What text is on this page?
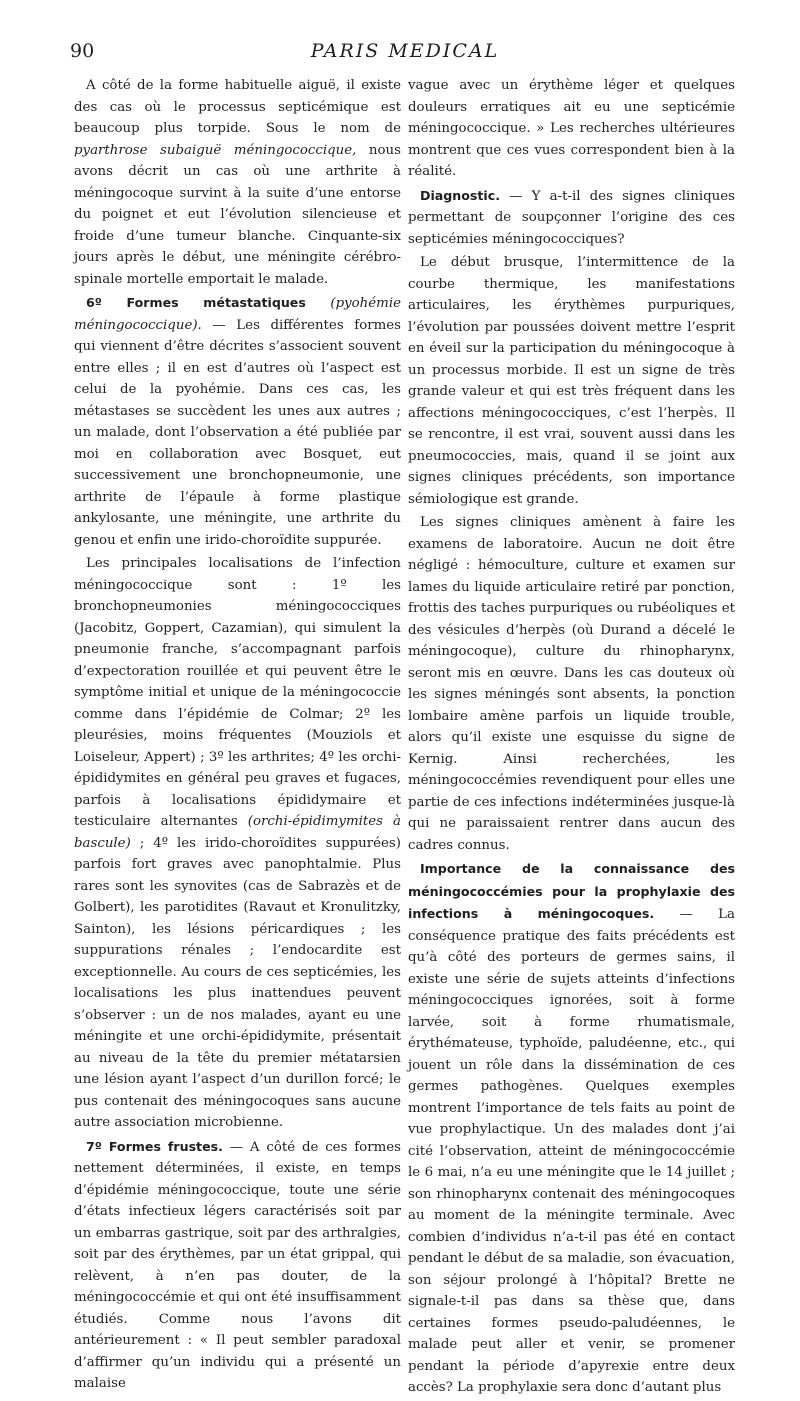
90	PARIS MEDICAL

A côté de la forme habituelle aiguë, il existe des cas où le processus septicémique est beaucoup plus torpide. Sous le nom de pyarthrose subaiguë méningococcique, nous avons décrit un cas où une arthrite à méningocoque survint à la suite d’une entorse du poignet et eut l’évolution silencieuse et froide d’une tumeur blanche. Cinquante-six jours après le début, une méningite cérébro-spinale mortelle emportait le malade.

6º Formes métastatiques (pyohémie méningococcique). — Les différentes formes qui viennent d’être décrites s’associent souvent entre elles ; il en est d’autres où l’aspect est celui de la pyohémie. Dans ces cas, les métastases se succèdent les unes aux autres ; un malade, dont l’observation a été publiée par moi en collaboration avec Bosquet, eut successivement une bronchopneumonie, une arthrite de l’épaule à forme plastique ankylosante, une méningite, une arthrite du genou et enfin une irido-choroïdite suppurée.

Les principales localisations de l’infection méningococcique sont : 1º les bronchopneumonies méningococciques (Jacobitz, Goppert, Cazamian), qui simulent la pneumonie franche, s’accompagnant parfois d’expectoration rouillée et qui peuvent être le symptôme initial et unique de la méningococcie comme dans l’épidémie de Colmar; 2º les pleurésies, moins fréquentes (Mouziols et Loiseleur, Appert) ; 3º les arthrites; 4º les orchi-épididymites en général peu graves et fugaces, parfois à localisations épididymaire et testiculaire alternantes (orchi-épidimymites à bascule) ; 4º les irido-choroïdites suppurées) parfois fort graves avec panophtalmie. Plus rares sont les synovites (cas de Sabrazès et de Golbert), les parotidites (Ravaut et Kronulitzky, Sainton), les lésions péricardiques ; les suppurations rénales ; l’endocardite est exceptionnelle. Au cours de ces septicémies, les localisations les plus inattendues peuvent s’observer : un de nos malades, ayant eu une méningite et une orchi-épididymite, présentait au niveau de la tête du premier métatarsien une lésion ayant l’aspect d’un durillon forcé; le pus contenait des méningocoques sans aucune autre association microbienne.

7º Formes frustes. — A côté de ces formes nettement déterminées, il existe, en temps d’épidémie méningococcique, toute une série d’états infectieux légers caractérisés soit par un embarras gastrique, soit par des arthralgies, soit par des érythèmes, par un état grippal, qui relèvent, à n’en pas douter, de la méningococcémie et qui ont été insuffisamment étudiés. Comme nous l’avons dit antérieurement : « Il peut sembler paradoxal d’affirmer qu’un individu qui a présenté un malaise

vague avec un érythème léger et quelques douleurs erratiques ait eu une septicémie méningococcique. » Les recherches ultérieures montrent que ces vues correspondent bien à la réalité.

Diagnostic. — Y a-t-il des signes cliniques permettant de soupçonner l’origine des ces septicémies méningococciques?

Le début brusque, l’intermittence de la courbe thermique, les manifestations articulaires, les érythèmes purpuriques, l’évolution par poussées doivent mettre l’esprit en éveil sur la participation du méningocoque à un processus morbide. Il est un signe de très grande valeur et qui est très fréquent dans les affections méningococciques, c’est l’herpès. Il se rencontre, il est vrai, souvent aussi dans les pneumococcies, mais, quand il se joint aux signes cliniques précédents, son importance sémiologique est grande.

Les signes cliniques amènent à faire les examens de laboratoire. Aucun ne doit être négligé : hémoculture, culture et examen sur lames du liquide articulaire retiré par ponction, frottis des taches purpuriques ou rubéoliques et des vésicules d’herpès (où Durand a décelé le méningocoque), culture du rhinopharynx, seront mis en œuvre. Dans les cas douteux où les signes méningés sont absents, la ponction lombaire amène parfois un liquide trouble, alors qu’il existe une esquisse du signe de Kernig. Ainsi recherchées, les méningococcémies revendiquent pour elles une partie de ces infections indéterminées jusque-là qui ne paraissaient rentrer dans aucun des cadres connus.

Importance de la connaissance des méningococcémies pour la prophylaxie des infections à méningocoques. — La conséquence pratique des faits précédents est qu’à côté des porteurs de germes sains, il existe une série de sujets atteints d’infections méningococciques ignorées, soit à forme larvée, soit à forme rhumatismale, érythémateuse, typhoïde, paludéenne, etc., qui jouent un rôle dans la dissémination de ces germes pathogènes. Quelques exemples montrent l’importance de tels faits au point de vue prophylactique. Un des malades dont j’ai cité l’observation, atteint de méningococcémie le 6 mai, n’a eu une méningite que le 14 juillet ; son rhinopharynx contenait des méningocoques au moment de la méningite terminale. Avec combien d’individus n’a-t-il pas été en contact pendant le début de sa maladie, son évacuation, son séjour prolongé à l’hôpital? Brette ne signale-t-il pas dans sa thèse que, dans certaines formes pseudo-paludéennes, le malade peut aller et venir, se promener pendant la période d’apyrexie entre deux accès? La prophylaxie sera donc d’autant plus
